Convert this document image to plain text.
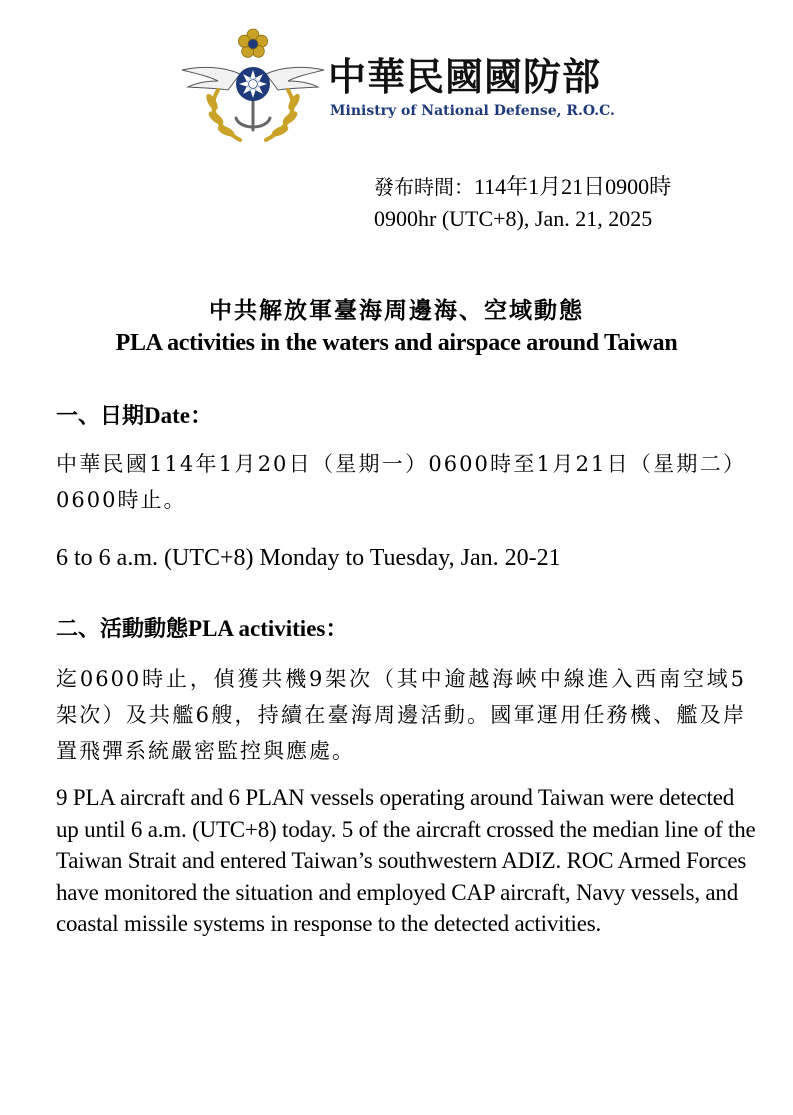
中華民國國防部
Ministry of National Defense, R.O.C.
發布時間：114年1月21日0900時
0900hr (UTC+8), Jan. 21, 2025
中共解放軍臺海周邊海、空域動態
PLA activities in the waters and airspace around Taiwan
一、日期Date：
中華民國114年1月20日（星期一）0600時至1月21日（星期二）0600時止。
6 to 6 a.m. (UTC+8) Monday to Tuesday, Jan. 20-21
二、活動動態PLA activities：
迄0600時止，偵獲共機9架次（其中逾越海峽中線進入西南空域5架次）及共艦6艘，持續在臺海周邊活動。國軍運用任務機、艦及岸置飛彈系統嚴密監控與應處。
9 PLA aircraft and 6 PLAN vessels operating around Taiwan were detected up until 6 a.m. (UTC+8) today. 5 of the aircraft crossed the median line of the Taiwan Strait and entered Taiwan’s southwestern ADIZ. ROC Armed Forces have monitored the situation and employed CAP aircraft, Navy vessels, and coastal missile systems in response to the detected activities.
